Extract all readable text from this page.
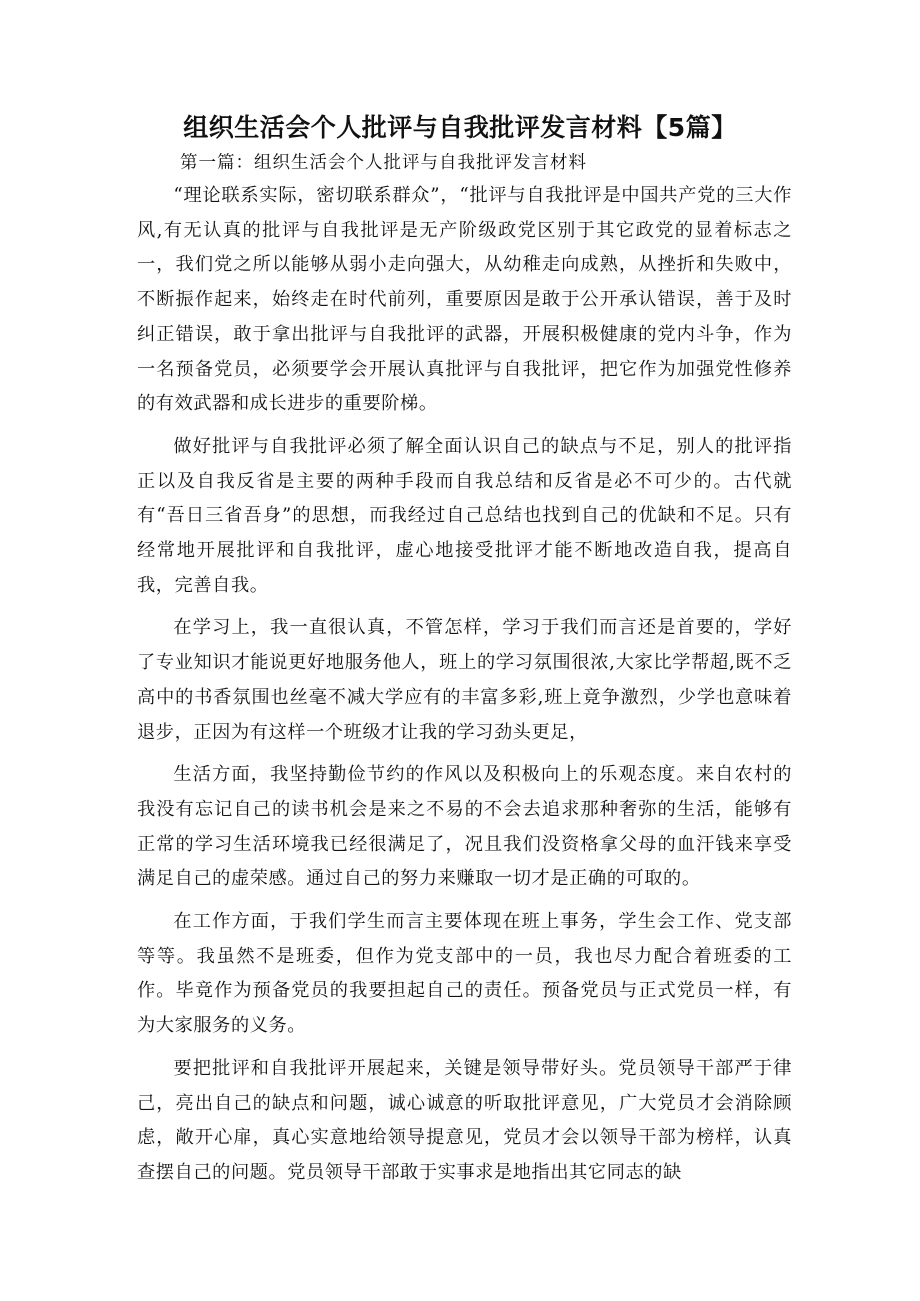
组织生活会个人批评与自我批评发言材料【5篇】

第一篇：组织生活会个人批评与自我批评发言材料

“理论联系实际，密切联系群众”，“批评与自我批评是中国共产党的三大作风,有无认真的批评与自我批评是无产阶级政党区别于其它政党的显着标志之一，我们党之所以能够从弱小走向强大，从幼稚走向成熟，从挫折和失败中，不断振作起来，始终走在时代前列，重要原因是敢于公开承认错误，善于及时纠正错误，敢于拿出批评与自我批评的武器，开展积极健康的党内斗争，作为一名预备党员，必须要学会开展认真批评与自我批评，把它作为加强党性修养的有效武器和成长进步的重要阶梯。

做好批评与自我批评必须了解全面认识自己的缺点与不足，别人的批评指正以及自我反省是主要的两种手段而自我总结和反省是必不可少的。古代就有“吾日三省吾身”的思想，而我经过自己总结也找到自己的优缺和不足。只有经常地开展批评和自我批评，虚心地接受批评才能不断地改造自我，提高自我，完善自我。

在学习上，我一直很认真，不管怎样，学习于我们而言还是首要的，学好了专业知识才能说更好地服务他人，班上的学习氛围很浓,大家比学帮超,既不乏高中的书香氛围也丝毫不减大学应有的丰富多彩,班上竟争激烈，少学也意味着退步，正因为有这样一个班级才让我的学习劲头更足，

生活方面，我坚持勤俭节约的作风以及积极向上的乐观态度。来自农村的我没有忘记自己的读书机会是来之不易的不会去追求那种奢弥的生活，能够有正常的学习生活环境我已经很满足了，况且我们没资格拿父母的血汗钱来享受满足自己的虚荣感。通过自己的努力来赚取一切才是正确的可取的。

在工作方面，于我们学生而言主要体现在班上事务，学生会工作、党支部等等。我虽然不是班委，但作为党支部中的一员，我也尽力配合着班委的工作。毕竟作为预备党员的我要担起自己的责任。预备党员与正式党员一样，有为大家服务的义务。

要把批评和自我批评开展起来，关键是领导带好头。党员领导干部严于律己，亮出自己的缺点和问题，诚心诚意的听取批评意见，广大党员才会消除顾虑，敞开心扉，真心实意地给领导提意见，党员才会以领导干部为榜样，认真查摆自己的问题。党员领导干部敢于实事求是地指出其它同志的缺
